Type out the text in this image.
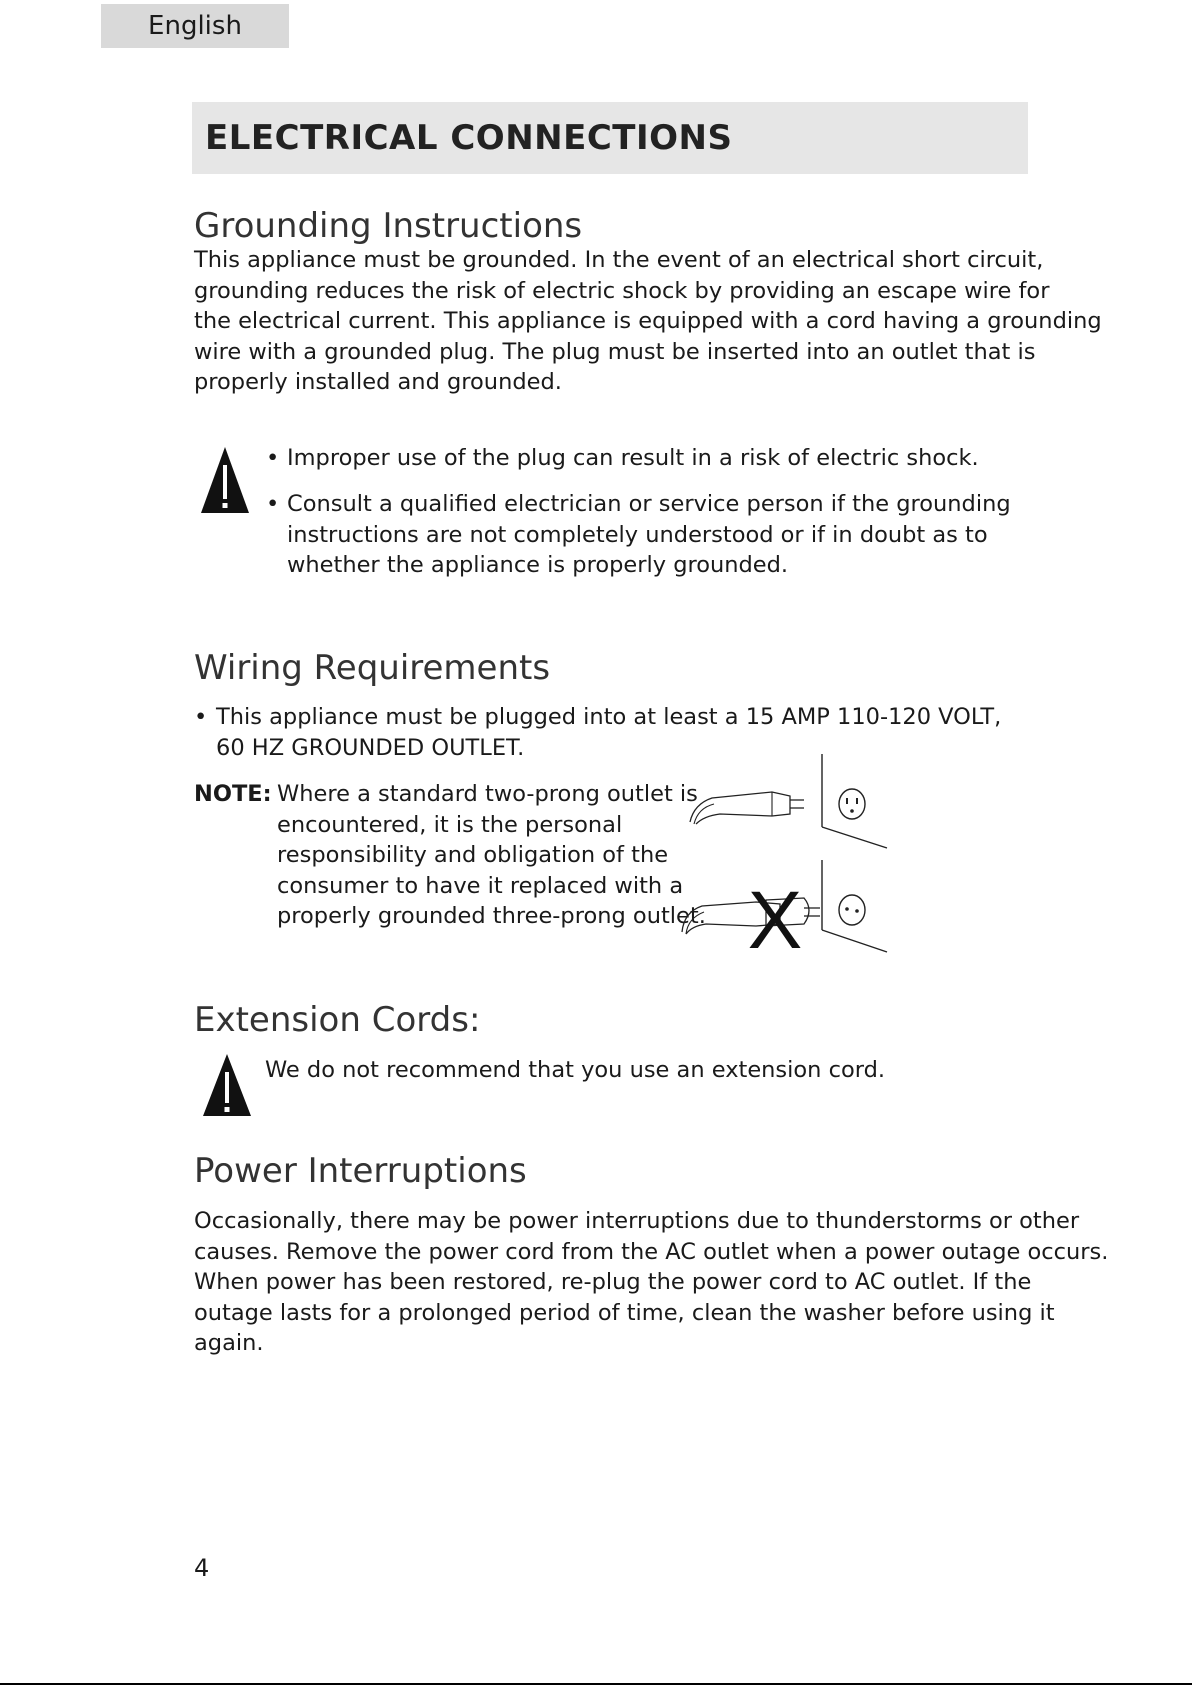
English
ELECTRICAL CONNECTIONS
Grounding Instructions

This appliance must be grounded. In the event of an electrical short circuit,

grounding reduces the risk of electric shock by providing an escape wire for

the electrical current. This appliance is equipped with a cord having a grounding

wire with a grounded plug. The plug must be inserted into an outlet that is

properly installed and grounded.

• Improper use of the plug can result in a risk of electric shock.
• Consult a qualified electrician or service person if the grounding
instructions are not completely understood or if in doubt as to
whether the appliance is properly grounded.
Wiring Requirements
• This appliance must be plugged into at least a 15 AMP 110-120 VOLT,
60 HZ GROUNDED OUTLET.
NOTE: Where a standard two-prong outlet is

encountered, it is the personal

responsibility and obligation of the

consumer to have it replaced with a

properly grounded three-prong outlet. X
Extension Cords:

We do not recommend that you use an extension cord.

Power Interruptions

Occasionally, there may be power interruptions due to thunderstorms or other

causes. Remove the power cord from the AC outlet when a power outage occurs.

When power has been restored, re-plug the power cord to AC outlet. If the

outage lasts for a prolonged period of time, clean the washer before using it

again.

4
